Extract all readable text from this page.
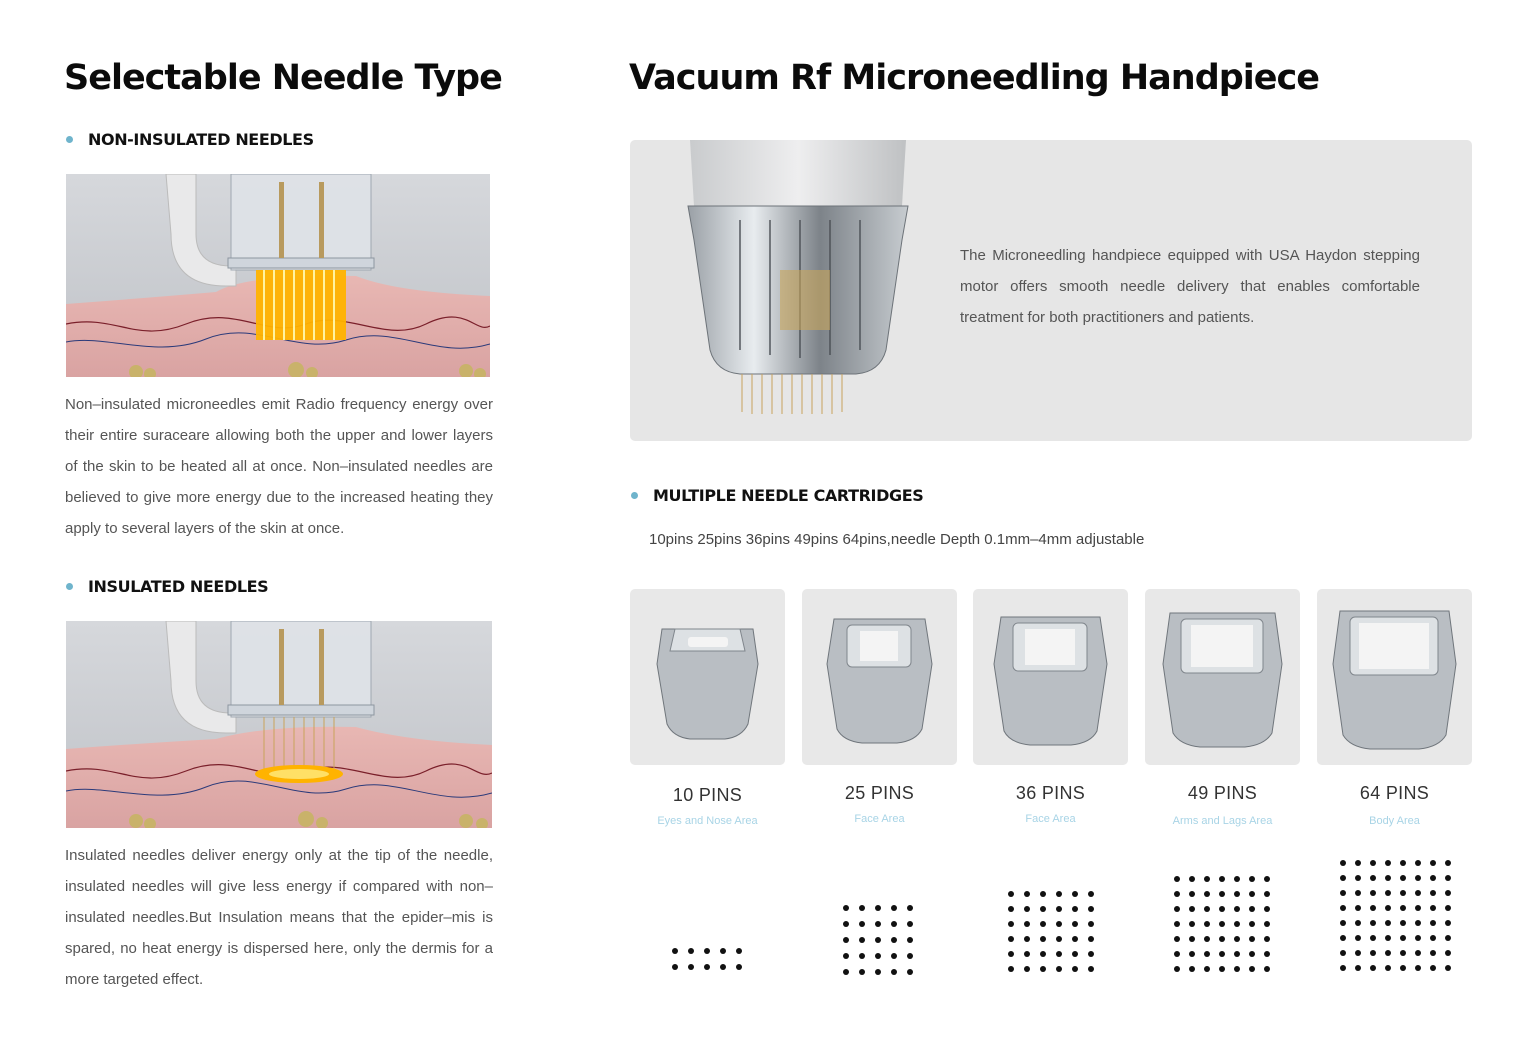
Selectable Needle Type
NON-INSULATED NEEDLES
Non–insulated microneedles emit Radio frequency energy over their entire suraceare allowing both the upper and lower layers of the skin to be heated all at once. Non–insulated needles are believed to give more energy due to the increased heating they apply to several layers of the skin at once.
INSULATED NEEDLES
Insulated needles deliver energy only at the tip of the needle, insulated needles will give less energy if compared with non–insulated needles.But Insulation means that the epider–mis is spared, no heat energy is dispersed here, only the dermis for a more targeted effect.
Vacuum Rf Microneedling Handpiece
The Microneedling handpiece equipped with USA Haydon stepping motor offers smooth needle delivery that enables comfortable treatment for both practitioners and patients.
MULTIPLE NEEDLE CARTRIDGES
10pins 25pins 36pins 49pins 64pins,needle Depth 0.1mm–4mm adjustable
10 PINS	25 PINS	36 PINS	49 PINS	64 PINS
Eyes and Nose Area	Face Area	Face Area	Arms and Lags Area	Body Area
